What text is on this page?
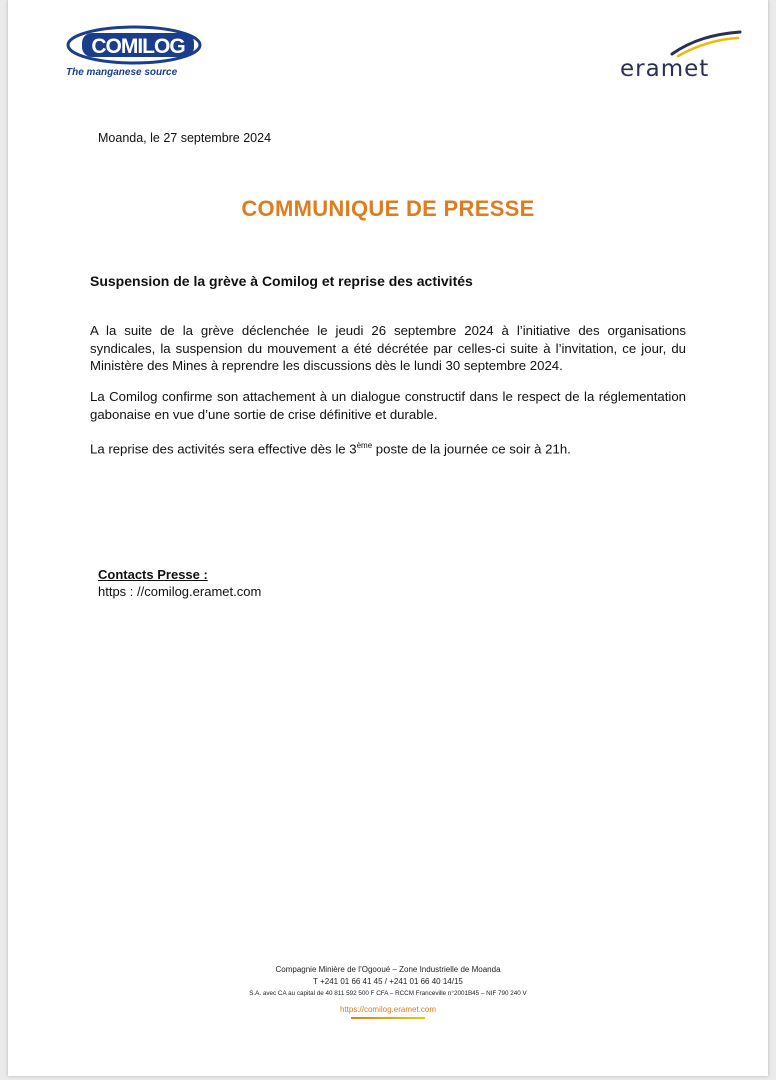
COMILOG
The manganese source	eramet
Moanda, le 27 septembre 2024
COMMUNIQUE DE PRESSE
Suspension de la grève à Comilog et reprise des activités
A la suite de la grève déclenchée le jeudi 26 septembre 2024 à l’initiative des organisations syndicales, la suspension du mouvement a été décrétée par celles-ci suite à l’invitation, ce jour, du Ministère des Mines à reprendre les discussions dès le lundi 30 septembre 2024.
La Comilog confirme son attachement à un dialogue constructif dans le respect de la réglementation gabonaise en vue d’une sortie de crise définitive et durable.
La reprise des activités sera effective dès le 3ème poste de la journée ce soir à 21h.
Contacts Presse :
https : //comilog.eramet.com
Compagnie Minière de l’Ogooué – Zone Industrielle de Moanda
T +241 01 66 41 45 / +241 01 66 40 14/15
S.A. avec CA au capital de 40 811 592 500 F CFA – RCCM Franceville n°2001B45 – NIF 790 240 V
https://comilog.eramet.com
